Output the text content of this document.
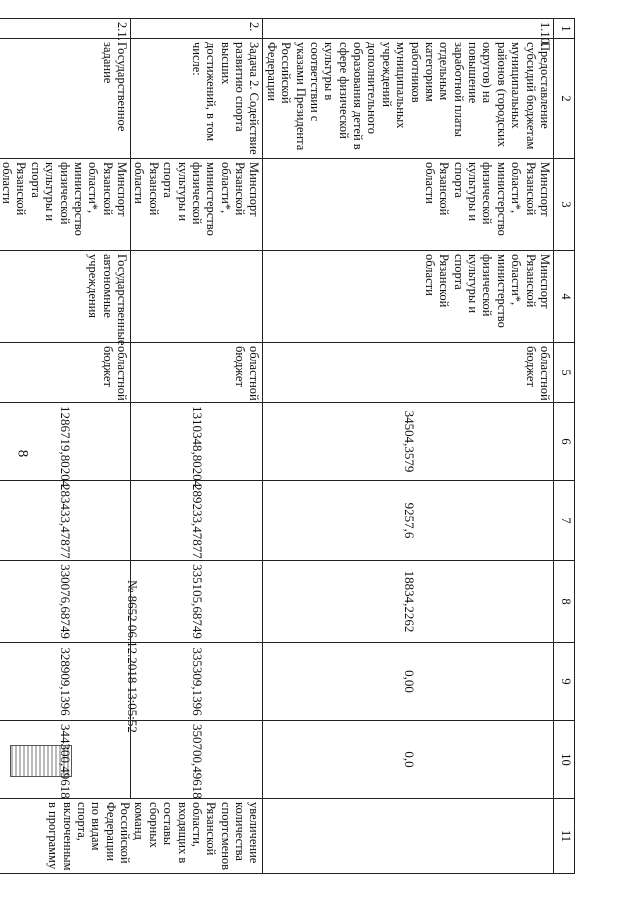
8
№ 8652 06.12.2018 13:05:52
1	2	3	4	5	6	7	8	9	10	11
1.10.	Предоставление субсидий бюджетам муниципальных районов (городских округов) на повышение заработной платы отдельным категориям работников муниципальных учреждений дополнительного образования детей в сфере физической культуры в соответствии с указами Президента Российской Федерации	Минспорт Рязанской области*, министерство физической культуры и спорта Рязанской области	Минспорт Рязанской области*, министерство физической культуры и спорта Рязанской области	областной бюджет	34504,3579	9257,6	18834,2262	0,00	0,0	
2.	Задача 2. Содействие развитию спорта высших достижений, в том числе:	Минспорт Рязанской области*, министерство физической культуры и спорта Рязанской области		областной бюджет	1310348,80204	289233,47877	335105,68749	335309,1396	350700,49618	увеличение количества спортсменов Рязанской области, входящих в составы сборных команд Российской Федерации по видам спорта, включенным в программу
2.1.	Государственное задание	Минспорт Рязанской области*, министерство физической культуры и спорта Рязанской области	Государственные автономные учреждения	областной бюджет	1286719,80204	283433,47877	330076,68749	328909,1396	344300,49618	
